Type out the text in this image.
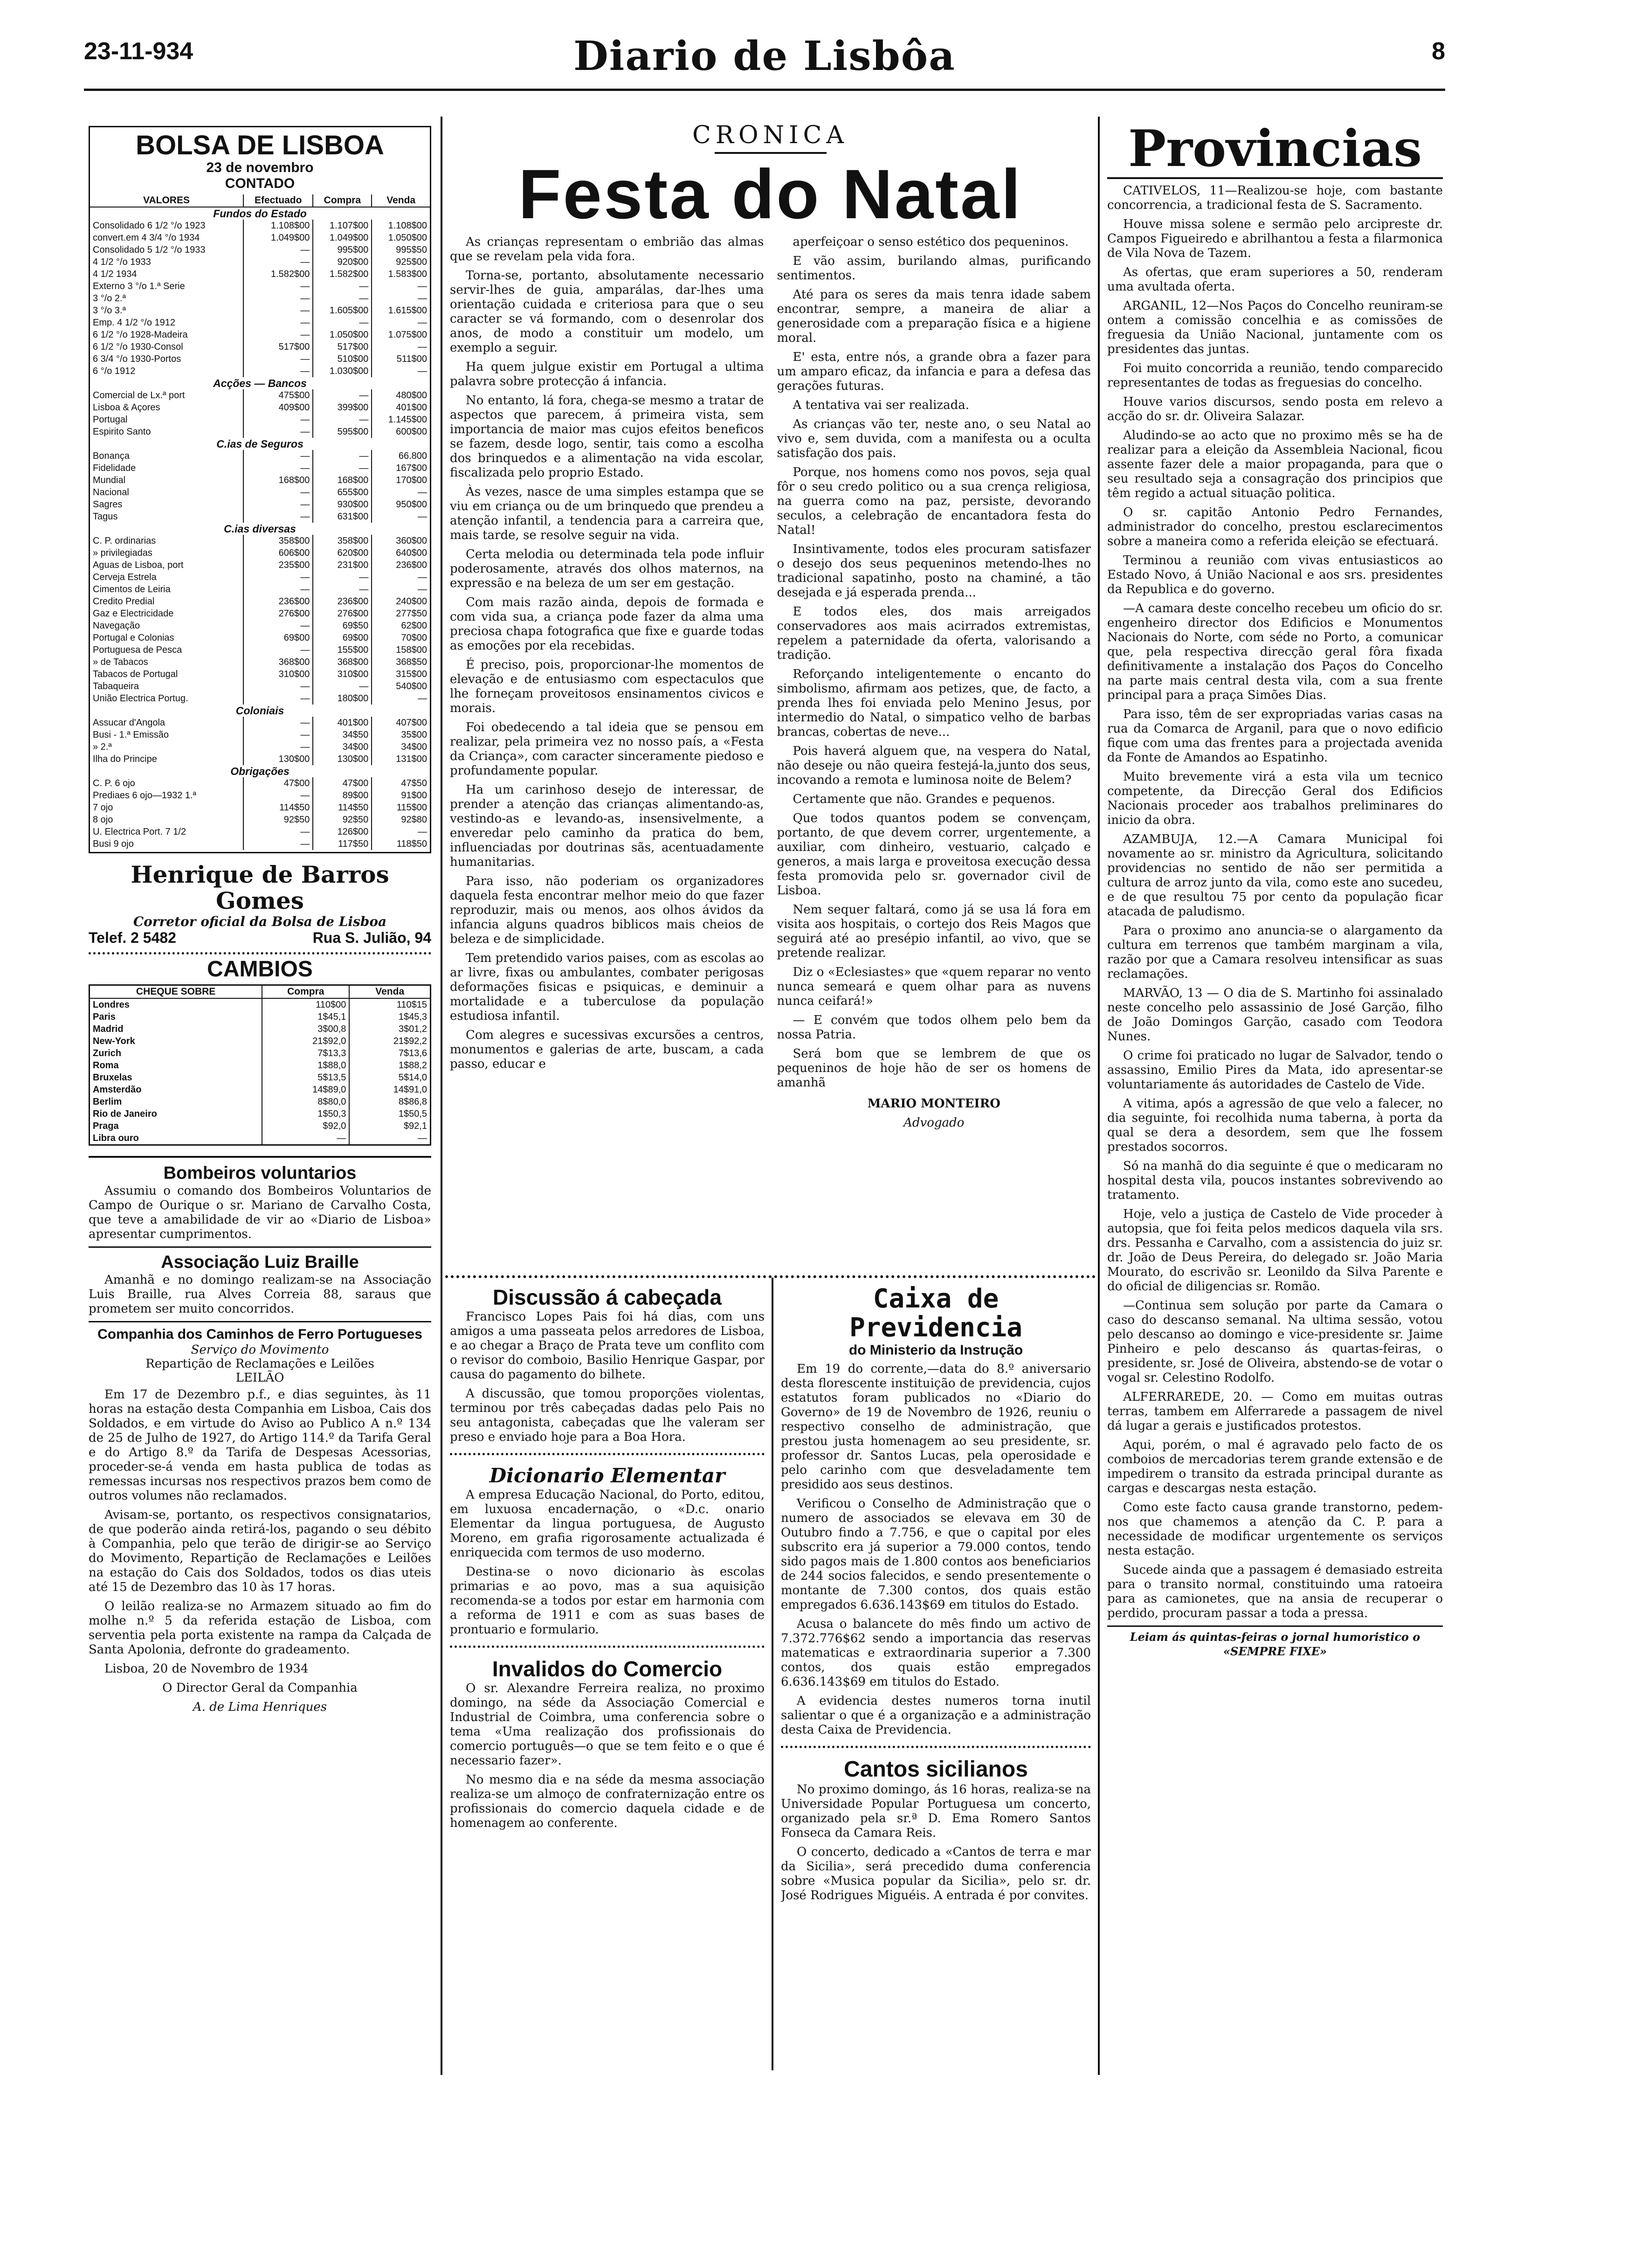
23-11-934	Diario de Lisbôa	8
BOLSA DE LISBOA
23 de novembro
CONTADO
VALORES	Efectuado	Compra	Venda
Fundos do Estado			
Consolidado 6 1/2 °/o 1923	1.108$00	1.107$00	1.108$00
convert.em 4 3/4 °/o 1934	1.049$00	1.049$00	1.050$00
Consolidado 5 1/2 °/o 1933	—	995$00	995$50
4 1/2 °/o 1933	—	920$00	925$00
4 1/2 1934	1.582$00	1.582$00	1.583$00
Externo 3 °/o 1.ª Serie	—	—	—
3 °/o 2.ª	—	—	—
3 °/o 3.ª	—	1.605$00	1.615$00
Emp. 4 1/2 °/o 1912	—	—	—
6 1/2 °/o 1928-Madeira	—	1.050$00	1.075$00
6 1/2 °/o 1930-Consol	517$00	517$00	—
6 3/4 °/o 1930-Portos	—	510$00	511$00
6 °/o 1912	—	1.030$00	—
Acções — Bancos			
Comercial de Lx.ª port	475$00	—	480$00
Lisboa & Açores	409$00	399$00	401$00
Portugal	—	—	1.145$00
Espirito Santo	—	595$00	600$00
C.ias de Seguros			
Bonança	—	—	66.800
Fidelidade	—	—	167$00
Mundial	168$00	168$00	170$00
Nacional	—	655$00	—
Sagres	—	930$00	950$00
Tagus	—	631$00	—
C.ias diversas			
C. P. ordinarias	358$00	358$00	360$00
» privilegiadas	606$00	620$00	640$00
Aguas de Lisboa, port	235$00	231$00	236$00
Cerveja Estrela	—	—	—
Cimentos de Leiria	—	—	—
Credito Predial	236$00	236$00	240$00
Gaz e Electricidade	276$00	276$00	277$50
Navegação	—	69$50	62$00
Portugal e Colonias	69$00	69$00	70$00
Portuguesa de Pesca	—	155$00	158$00
» de Tabacos	368$00	368$00	368$50
Tabacos de Portugal	310$00	310$00	315$00
Tabaqueira	—	—	540$00
União Electrica Portug.	—	180$00	—
Coloniais			
Assucar d'Angola	—	401$00	407$00
Busi - 1.ª Emissão	—	34$50	35$00
» 2.ª	—	34$00	34$00
Ilha do Principe	130$00	130$00	131$00
Obrigações			
C. P. 6 ojo	47$00	47$00	47$50
Prediaes 6 ojo—1932 1.ª	—	89$00	91$00
7 ojo	114$50	114$50	115$00
8 ojo	92$50	92$50	92$80
U. Electrica Port. 7 1/2	—	126$00	—
Busi 9 ojo	—	117$50	118$50
Henrique de Barros Gomes
Corretor oficial da Bolsa de Lisboa
Telef. 2 5482	Rua S. Julião, 94
CAMBIOS
CHEQUE SOBRE	Compra	Venda
Londres	110$00	110$15
Paris	1$45,1	1$45,3
Madrid	3$00,8	3$01,2
New-York	21$92,0	21$92,2
Zurich	7$13,3	7$13,6
Roma	1$88,0	1$88,2
Bruxelas	5$13,5	5$14,0
Amsterdão	14$89,0	14$91,0
Berlim	8$80,0	8$86,8
Rio de Janeiro	1$50,3	1$50,5
Praga	$92,0	$92,1
Libra ouro	—	—
Bombeiros voluntarios

Assumiu o comando dos Bombeiros Voluntarios de Campo de Ourique o sr. Mariano de Carvalho Costa, que teve a amabilidade de vir ao «Diario de Lisboa» apresentar cumprimentos.

Associação Luiz Braille

Amanhã e no domingo realizam-se na Associação Luis Braille, rua Alves Correia 88, saraus que prometem ser muito concorridos.

Companhia dos Caminhos de Ferro Portugueses
Serviço do Movimento
Repartição de Reclamações e Leilões
LEILÃO

Em 17 de Dezembro p.f., e dias seguintes, às 11 horas na estação desta Companhia em Lisboa, Cais dos Soldados, e em virtude do Aviso ao Publico A n.º 134 de 25 de Julho de 1927, do Artigo 114.º da Tarifa Geral e do Artigo 8.º da Tarifa de Despesas Acessorias, proceder-se-á venda em hasta publica de todas as remessas incursas nos respectivos prazos bem como de outros volumes não reclamados.

Avisam-se, portanto, os respectivos consignatarios, de que poderão ainda retirá-los, pagando o seu débito à Companhia, pelo que terão de dirigir-se ao Serviço do Movimento, Repartição de Reclamações e Leilões na estação do Cais dos Soldados, todos os dias uteis até 15 de Dezembro das 10 às 17 horas.

O leilão realiza-se no Armazem situado ao fim do molhe n.º 5 da referida estação de Lisboa, com serventia pela porta existente na rampa da Calçada de Santa Apolonia, defronte do gradeamento.

Lisboa, 20 de Novembro de 1934

O Director Geral da Companhia

A. de Lima Henriques

CRONICA
Festa do Natal

As crianças representam o embrião das almas que se revelam pela vida fora.

Torna-se, portanto, absolutamente necessario servir-lhes de guia, amparálas, dar-lhes uma orientação cuidada e criteriosa para que o seu caracter se vá formando, com o desenrolar dos anos, de modo a constituir um modelo, um exemplo a seguir.

Ha quem julgue existir em Portugal a ultima palavra sobre protecção á infancia.

No entanto, lá fora, chega-se mesmo a tratar de aspectos que parecem, á primeira vista, sem importancia de maior mas cujos efeitos beneficos se fazem, desde logo, sentir, tais como a escolha dos brinquedos e a alimentação na vida escolar, fiscalizada pelo proprio Estado.

Às vezes, nasce de uma simples estampa que se viu em criança ou de um brinquedo que prendeu a atenção infantil, a tendencia para a carreira que, mais tarde, se resolve seguir na vida.

Certa melodia ou determinada tela pode influir poderosamente, através dos olhos maternos, na expressão e na beleza de um ser em gestação.

Com mais razão ainda, depois de formada e com vida sua, a criança pode fazer da alma uma preciosa chapa fotografica que fixe e guarde todas as emoções por ela recebidas.

É preciso, pois, proporcionar-lhe momentos de elevação e de entusiasmo com espectaculos que lhe forneçam proveitosos ensinamentos civicos e morais.

Foi obedecendo a tal ideia que se pensou em realizar, pela primeira vez no nosso país, a «Festa da Criança», com caracter sinceramente piedoso e profundamente popular.

Ha um carinhoso desejo de interessar, de prender a atenção das crianças alimentando-as, vestindo-as e levando-as, insensivelmente, a enveredar pelo caminho da pratica do bem, influenciadas por doutrinas sãs, acentuadamente humanitarias.

Para isso, não poderiam os organizadores daquela festa encontrar melhor meio do que fazer reproduzir, mais ou menos, aos olhos ávidos da infancia alguns quadros biblicos mais cheios de beleza e de simplicidade.

Tem pretendido varios paises, com as escolas ao ar livre, fixas ou ambulantes, combater perigosas deformações fisicas e psiquicas, e deminuir a mortalidade e a tuberculose da população estudiosa infantil.

Com alegres e sucessivas excursões a centros, monumentos e galerias de arte, buscam, a cada passo, educar e

aperfeiçoar o senso estético dos pequeninos.

E vão assim, burilando almas, purificando sentimentos.

Até para os seres da mais tenra idade sabem encontrar, sempre, a maneira de aliar a generosidade com a preparação física e a higiene moral.

E' esta, entre nós, a grande obra a fazer para um amparo eficaz, da infancia e para a defesa das gerações futuras.

A tentativa vai ser realizada.

As crianças vão ter, neste ano, o seu Natal ao vivo e, sem duvida, com a manifesta ou a oculta satisfação dos pais.

Porque, nos homens como nos povos, seja qual fôr o seu credo politico ou a sua crença religiosa, na guerra como na paz, persiste, devorando seculos, a celebração de encantadora festa do Natal!

Insintivamente, todos eles procuram satisfazer o desejo dos seus pequeninos metendo-lhes no tradicional sapatinho, posto na chaminé, a tão desejada e já esperada prenda...

E todos eles, dos mais arreigados conservadores aos mais acirrados extremistas, repelem a paternidade da oferta, valorisando a tradição.

Reforçando inteligentemente o encanto do simbolismo, afirmam aos petizes, que, de facto, a prenda lhes foi enviada pelo Menino Jesus, por intermedio do Natal, o simpatico velho de barbas brancas, cobertas de neve...

Pois haverá alguem que, na vespera do Natal, não deseje ou não queira festejá-la,junto dos seus, incovando a remota e luminosa noite de Belem?

Certamente que não. Grandes e pequenos.

Que todos quantos podem se convençam, portanto, de que devem correr, urgentemente, a auxiliar, com dinheiro, vestuario, calçado e generos, a mais larga e proveitosa execução dessa festa promovida pelo sr. governador civil de Lisboa.

Nem sequer faltará, como já se usa lá fora em visita aos hospitais, o cortejo dos Reis Magos que seguirá até ao presépio infantil, ao vivo, que se pretende realizar.

Diz o «Eclesiastes» que «quem reparar no vento nunca semeará e quem olhar para as nuvens nunca ceifará!»

— E convém que todos olhem pelo bem da nossa Patria.

Será bom que se lembrem de que os pequeninos de hoje hão de ser os homens de amanhã

MARIO MONTEIRO

Advogado

Discussão á cabeçada

Francisco Lopes Pais foi há dias, com uns amigos a uma passeata pelos arredores de Lisboa, e ao chegar a Braço de Prata teve um conflito com o revisor do comboio, Basilio Henrique Gaspar, por causa do pagamento do bilhete.

A discussão, que tomou proporções violentas, terminou por três cabeçadas dadas pelo Pais no seu antagonista, cabeçadas que lhe valeram ser preso e enviado hoje para a Boa Hora.

Dicionario Elementar

A empresa Educação Nacional, do Porto, editou, em luxuosa encadernação, o «D.c. onario Elementar da lingua portuguesa, de Augusto Moreno, em grafia rigorosamente actualizada é enriquecida com termos de uso moderno.

Destina-se o novo dicionario às escolas primarias e ao povo, mas a sua aquisição recomenda-se a todos por estar em harmonia com a reforma de 1911 e com as suas bases de prontuario e formulario.

Invalidos do Comercio

O sr. Alexandre Ferreira realiza, no proximo domingo, na séde da Associação Comercial e Industrial de Coimbra, uma conferencia sobre o tema «Uma realização dos profissionais do comercio português—o que se tem feito e o que é necessario fazer».

No mesmo dia e na séde da mesma associação realiza-se um almoço de confraternização entre os profissionais do comercio daquela cidade e de homenagem ao conferente.

Caixa de Previdencia
do Ministerio da Instrução

Em 19 do corrente,—data do 8.º aniversario desta florescente instituição de previdencia, cujos estatutos foram publicados no «Diario do Governo» de 19 de Novembro de 1926, reuniu o respectivo conselho de administração, que prestou justa homenagem ao seu presidente, sr. professor dr. Santos Lucas, pela operosidade e pelo carinho com que desveladamente tem presidido aos seus destinos.

Verificou o Conselho de Administração que o numero de associados se elevava em 30 de Outubro findo a 7.756, e que o capital por eles subscrito era já superior a 79.000 contos, tendo sido pagos mais de 1.800 contos aos beneficiarios de 244 socios falecidos, e sendo presentemente o montante de 7.300 contos, dos quais estão empregados 6.636.143$69 em titulos do Estado.

Acusa o balancete do mês findo um activo de 7.372.776$62 sendo a importancia das reservas matematicas e extraordinaria superior a 7.300 contos, dos quais estão empregados 6.636.143$69 em titulos do Estado.

A evidencia destes numeros torna inutil salientar o que é a organização e a administração desta Caixa de Previdencia.

Cantos sicilianos

No proximo domingo, ás 16 horas, realiza-se na Universidade Popular Portuguesa um concerto, organizado pela sr.ª D. Ema Romero Santos Fonseca da Camara Reis.

O concerto, dedicado a «Cantos de terra e mar da Sicilia», será precedido duma conferencia sobre «Musica popular da Sicilia», pelo sr. dr. José Rodrigues Miguéis. A entrada é por convites.

Provincias

CATIVELOS, 11—Realizou-se hoje, com bastante concorrencia, a tradicional festa de S. Sacramento.

Houve missa solene e sermão pelo arcipreste dr. Campos Figueiredo e abrilhantou a festa a filarmonica de Vila Nova de Tazem.

As ofertas, que eram superiores a 50, renderam uma avultada oferta.

ARGANIL, 12—Nos Paços do Concelho reuniram-se ontem a comissão concelhia e as comissões de freguesia da União Nacional, juntamente com os presidentes das juntas.

Foi muito concorrida a reunião, tendo comparecido representantes de todas as freguesias do concelho.

Houve varios discursos, sendo posta em relevo a acção do sr. dr. Oliveira Salazar.

Aludindo-se ao acto que no proximo mês se ha de realizar para a eleição da Assembleia Nacional, ficou assente fazer dele a maior propaganda, para que o seu resultado seja a consagração dos principios que têm regido a actual situação politica.

O sr. capitão Antonio Pedro Fernandes, administrador do concelho, prestou esclarecimentos sobre a maneira como a referida eleição se efectuará.

Terminou a reunião com vivas entusiasticos ao Estado Novo, á União Nacional e aos srs. presidentes da Republica e do governo.

—A camara deste concelho recebeu um oficio do sr. engenheiro director dos Edificios e Monumentos Nacionais do Norte, com séde no Porto, a comunicar que, pela respectiva direcção geral fôra fixada definitivamente a instalação dos Paços do Concelho na parte mais central desta vila, com a sua frente principal para a praça Simões Dias.

Para isso, têm de ser expropriadas varias casas na rua da Comarca de Arganil, para que o novo edificio fique com uma das frentes para a projectada avenida da Fonte de Amandos ao Espatinho.

Muito brevemente virá a esta vila um tecnico competente, da Direcção Geral dos Edificios Nacionais proceder aos trabalhos preliminares do inicio da obra.

AZAMBUJA, 12.—A Camara Municipal foi novamente ao sr. ministro da Agricultura, solicitando providencias no sentido de não ser permitida a cultura de arroz junto da vila, como este ano sucedeu, e de que resultou 75 por cento da população ficar atacada de paludismo.

Para o proximo ano anuncia-se o alargamento da cultura em terrenos que também marginam a vila, razão por que a Camara resolveu intensificar as suas reclamações.

MARVÃO, 13 — O dia de S. Martinho foi assinalado neste concelho pelo assassinio de José Garção, filho de João Domingos Garção, casado com Teodora Nunes.

O crime foi praticado no lugar de Salvador, tendo o assassino, Emilio Pires da Mata, ido apresentar-se voluntariamente ás autoridades de Castelo de Vide.

A vitima, após a agressão de que velo a falecer, no dia seguinte, foi recolhida numa taberna, à porta da qual se dera a desordem, sem que lhe fossem prestados socorros.

Só na manhã do dia seguinte é que o medicaram no hospital desta vila, poucos instantes sobrevivendo ao tratamento.

Hoje, velo a justiça de Castelo de Vide proceder à autopsia, que foi feita pelos medicos daquela vila srs. drs. Pessanha e Carvalho, com a assistencia do juiz sr. dr. João de Deus Pereira, do delegado sr. João Maria Mourato, do escrivão sr. Leonildo da Silva Parente e do oficial de diligencias sr. Romão.

—Continua sem solução por parte da Camara o caso do descanso semanal. Na ultima sessão, votou pelo descanso ao domingo e vice-presidente sr. Jaime Pinheiro e pelo descanso ás quartas-feiras, o presidente, sr. José de Oliveira, abstendo-se de votar o vogal sr. Celestino Rodolfo.

ALFERRAREDE, 20. — Como em muitas outras terras, tambem em Alferrarede a passagem de nivel dá lugar a gerais e justificados protestos.

Aqui, porém, o mal é agravado pelo facto de os comboios de mercadorias terem grande extensão e de impedirem o transito da estrada principal durante as cargas e descargas nesta estação.

Como este facto causa grande transtorno, pedem-nos que chamemos a atenção da C. P. para a necessidade de modificar urgentemente os serviços nesta estação.

Sucede ainda que a passagem é demasiado estreita para o transito normal, constituindo uma ratoeira para as camionetes, que na ansia de recuperar o perdido, procuram passar a toda a pressa.

Leiam ás quintas-feiras o jornal humoristico o «SEMPRE FIXE»
